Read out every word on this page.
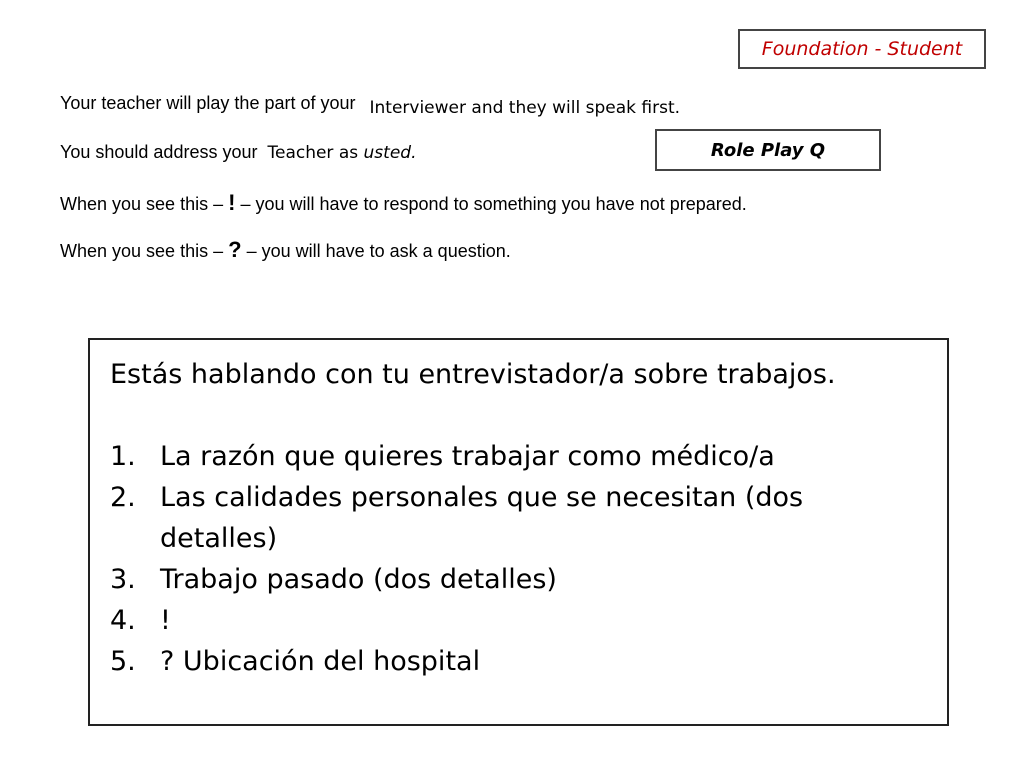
Foundation - Student
Your teacher will play the part of your Interviewer and they will speak first.
You should address your Teacher as usted.	Role Play Q
When you see this – ! – you will have to respond to something you have not prepared.
When you see this – ? – you will have to ask a question.
Estás hablando con tu entrevistador/a sobre trabajos.
1. La razón que quieres trabajar como médico/a
2. Las calidades personales que se necesitan (dos detalles)
3. Trabajo pasado (dos detalles)
4. !
5. ? Ubicación del hospital
